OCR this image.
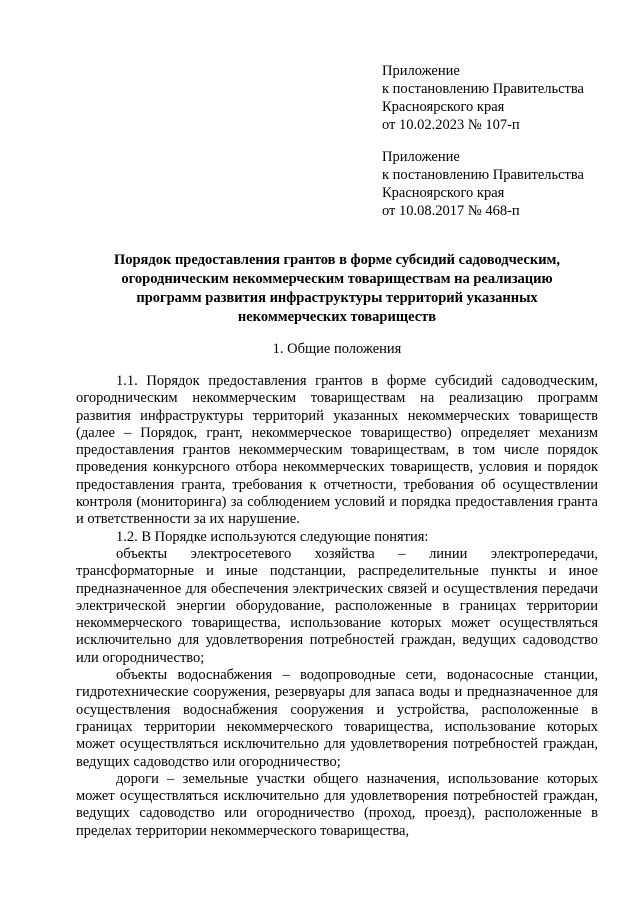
Приложение
к постановлению Правительства
Красноярского края
от 10.02.2023 № 107-п
Приложение
к постановлению Правительства
Красноярского края
от 10.08.2017 № 468-п
Порядок предоставления грантов в форме субсидий садоводческим,
огородническим некоммерческим товариществам на реализацию
программ развития инфраструктуры территорий указанных
некоммерческих товариществ
1. Общие положения

1.1. Порядок предоставления грантов в форме субсидий садоводческим, огородническим некоммерческим товариществам на реализацию программ развития инфраструктуры территорий указанных некоммерческих товариществ (далее – Порядок, грант, некоммерческое товарищество) определяет механизм предоставления грантов некоммерческим товариществам, в том числе порядок проведения конкурсного отбора некоммерческих товариществ, условия и порядок предоставления гранта, требования к отчетности, требования об осуществлении контроля (мониторинга) за соблюдением условий и порядка предоставления гранта и ответственности за их нарушение.

1.2. В Порядке используются следующие понятия:

объекты электросетевого хозяйства – линии электропередачи, трансформаторные и иные подстанции, распределительные пункты и иное предназначенное для обеспечения электрических связей и осуществления передачи электрической энергии оборудование, расположенные в границах территории некоммерческого товарищества, использование которых может осуществляться исключительно для удовлетворения потребностей граждан, ведущих садоводство или огородничество;

объекты водоснабжения – водопроводные сети, водонасосные станции, гидротехнические сооружения, резервуары для запаса воды и предназначенное для осуществления водоснабжения сооружения и устройства, расположенные в границах территории некоммерческого товарищества, использование которых может осуществляться исключительно для удовлетворения потребностей граждан, ведущих садоводство или огородничество;

дороги – земельные участки общего назначения, использование которых может осуществляться исключительно для удовлетворения потребностей граждан, ведущих садоводство или огородничество (проход, проезд), расположенные в пределах территории некоммерческого товарищества,
